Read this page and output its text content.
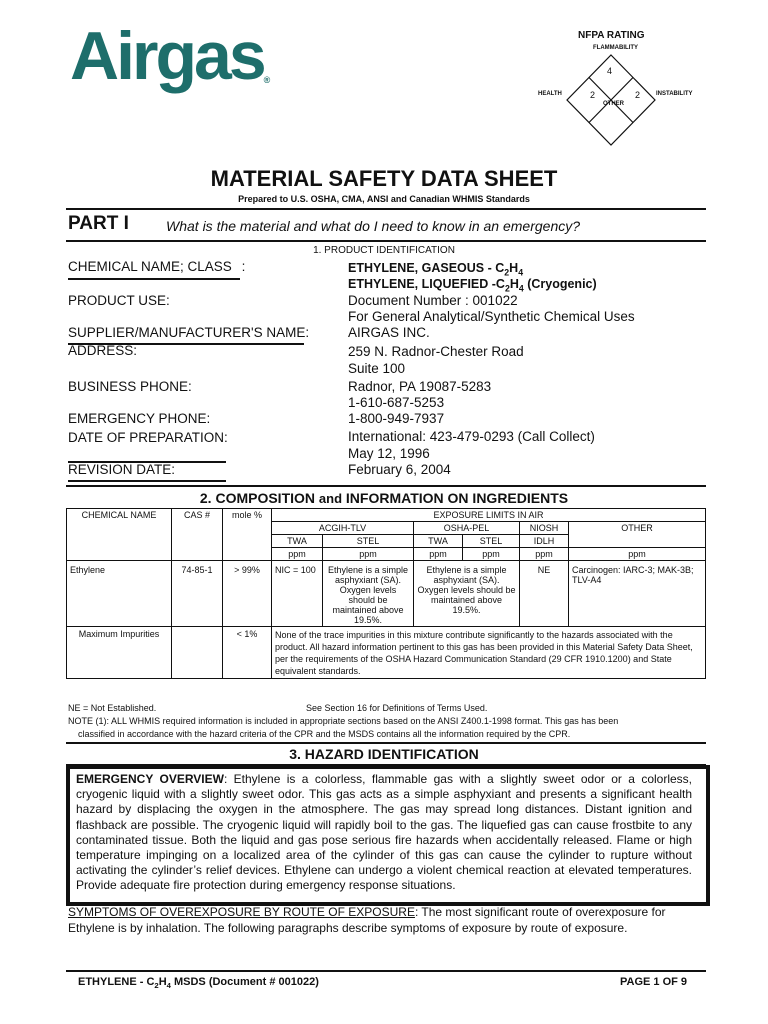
Airgas®
NFPA RATING
FLAMMABILITY
HEALTH	INSTABILITY
4
2	2
OTHER
MATERIAL SAFETY DATA SHEET
Prepared to U.S. OSHA, CMA, ANSI and Canadian WHMIS Standards
PART I	What is the material and what do I need to know in an emergency?
1. PRODUCT IDENTIFICATION
CHEMICAL NAME; CLASS :	ETHYLENE, GASEOUS - $C_2H_4$
ETHYLENE, LIQUEFIED $-C_2H_4$ (Cryogenic)
PRODUCT USE:	Document Number : 001022
For General Analytical/Synthetic Chemical Uses
SUPPLIER/MANUFACTURER'S NAME:	AIRGAS INC.
ADDRESS:	259 N. Radnor-Chester Road
Suite 100
BUSINESS PHONE:	Radnor, PA 19087-5283
1-610-687-5253
EMERGENCY PHONE:	1-800-949-7937
DATE OF PREPARATION:	International: 423-479-0293 (Call Collect)
May 12, 1996
REVISION DATE:	February 6, 2004
2. COMPOSITION and INFORMATION ON INGREDIENTS
CHEMICAL NAME	CAS #	mole %	EXPOSURE LIMITS IN AIR					
			ACGIH-TLV		OSHA-PEL		NIOSH	OTHER
			TWA	STEL	TWA	STEL	IDLH	
			ppm	ppm	ppm	ppm	ppm	ppm
Ethylene	74-85-1	> 99%	NIC = 100	Ethylene is a simple asphyxiant (SA). Oxygen levels should be maintained above 19.5%.	Ethylene is a simple asphyxiant (SA). Oxygen levels should be maintained above 19.5%.		NE	Carcinogen: IARC-3; MAK-3B; TLV-A4
Maximum Impurities		< 1%	None of the trace impurities in this mixture contribute significantly to the hazards associated with the product. All hazard information pertinent to this gas has been provided in this Material Safety Data Sheet, per the requirements of the OSHA Hazard Communication Standard (29 CFR 1910.1200) and State equivalent standards.					
NE = Not Established.	See Section 16 for Definitions of Terms Used.
NOTE (1): ALL WHMIS required information is included in appropriate sections based on the ANSI Z400.1-1998 format. This gas has been
classified in accordance with the hazard criteria of the CPR and the MSDS contains all the information required by the CPR.
3. HAZARD IDENTIFICATION
EMERGENCY OVERVIEW: Ethylene is a colorless, flammable gas with a slightly sweet odor or a colorless, cryogenic liquid with a slightly sweet odor. This gas acts as a simple asphyxiant and presents a significant health hazard by displacing the oxygen in the atmosphere. The gas may spread long distances. Distant ignition and flashback are possible. The cryogenic liquid will rapidly boil to the gas. The liquefied gas can cause frostbite to any contaminated tissue. Both the liquid and gas pose serious fire hazards when accidentally released. Flame or high temperature impinging on a localized area of the cylinder of this gas can cause the cylinder to rupture without activating the cylinder’s relief devices. Ethylene can undergo a violent chemical reaction at elevated temperatures. Provide adequate fire protection during emergency response situations.
SYMPTOMS OF OVEREXPOSURE BY ROUTE OF EXPOSURE: The most significant route of overexposure for Ethylene is by inhalation. The following paragraphs describe symptoms of exposure by route of exposure.
ETHYLENE - $C_2H_4$ MSDS (Document # 001022)	PAGE 1 OF 9
